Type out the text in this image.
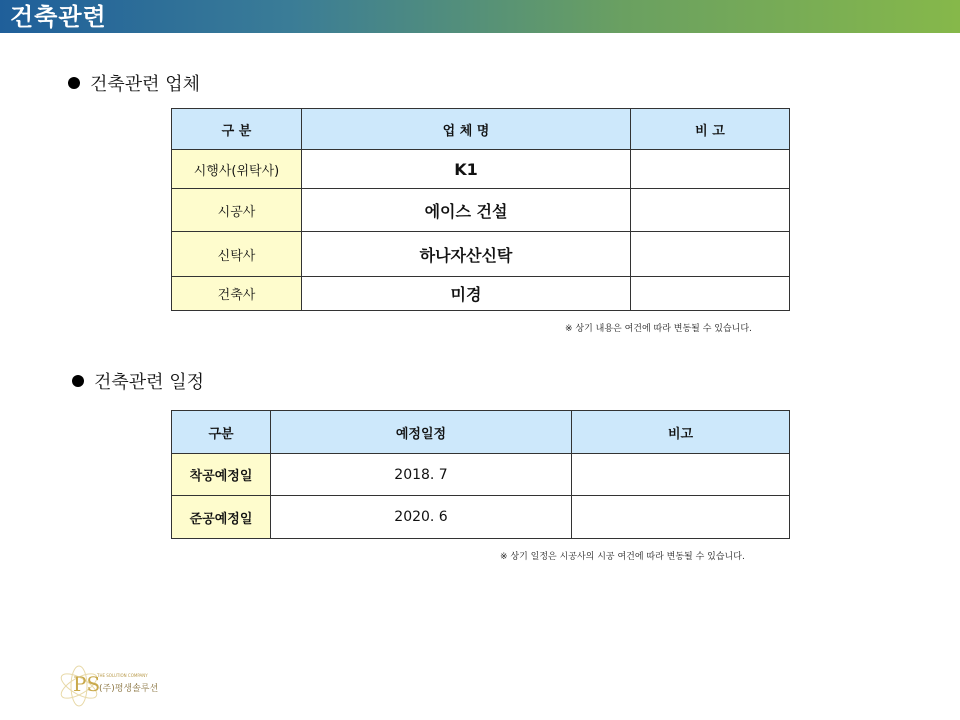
건축관련
건축관련 업체
구 분	업 체 명	비 고
시행사(위탁사)	K1	
시공사	에이스 건설	
신탁사	하나자산신탁	
건축사	미경	
※ 상기 내용은 여건에 따라 변동될 수 있습니다.
건축관련 일정
구분	예정일정	비고
착공예정일	2018. 7	
준공예정일	2020. 6	
※ 상기 일정은 시공사의 시공 여건에 따라 변동될 수 있습니다.
PS
THE SOLUTION COMPANY
(주)평생솔루션
